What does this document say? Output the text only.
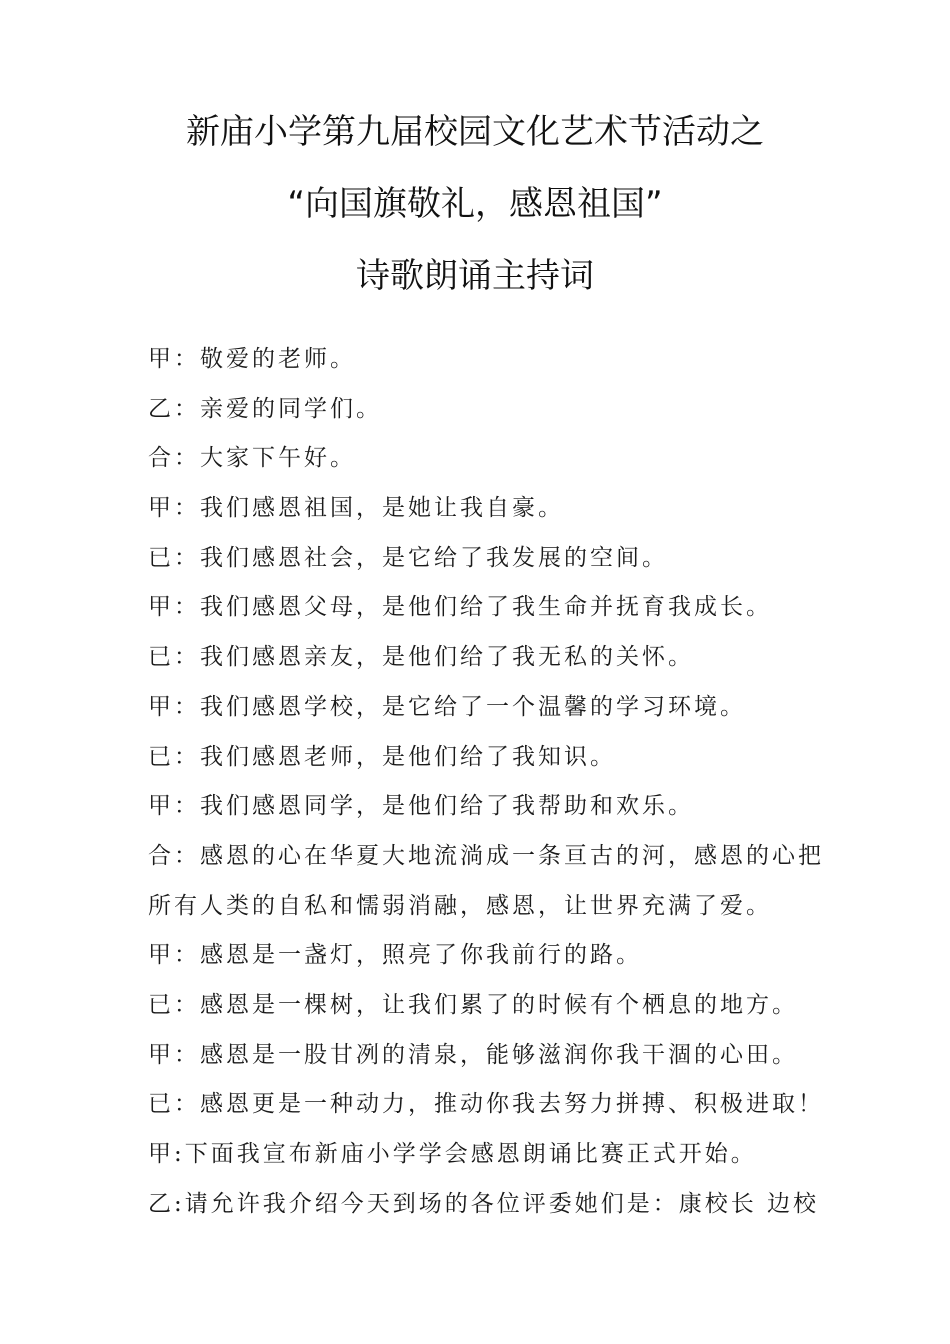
新庙小学第九届校园文化艺术节活动之
“向国旗敬礼，感恩祖国”
诗歌朗诵主持词
甲：敬爱的老师。
乙：亲爱的同学们。
合：大家下午好。
甲：我们感恩祖国，是她让我自豪。
已：我们感恩社会，是它给了我发展的空间。
甲：我们感恩父母，是他们给了我生命并抚育我成长。
已：我们感恩亲友，是他们给了我无私的关怀。
甲：我们感恩学校，是它给了一个温馨的学习环境。
已：我们感恩老师，是他们给了我知识。
甲：我们感恩同学，是他们给了我帮助和欢乐。
合：感恩的心在华夏大地流淌成一条亘古的河，感恩的心把
所有人类的自私和懦弱消融，感恩，让世界充满了爱。
甲：感恩是一盏灯，照亮了你我前行的路。
已：感恩是一棵树，让我们累了的时候有个栖息的地方。
甲：感恩是一股甘冽的清泉，能够滋润你我干涸的心田。
已：感恩更是一种动力，推动你我去努力拼搏、积极进取！
甲:下面我宣布新庙小学学会感恩朗诵比赛正式开始。
乙:请允许我介绍今天到场的各位评委她们是：康校长 边校
